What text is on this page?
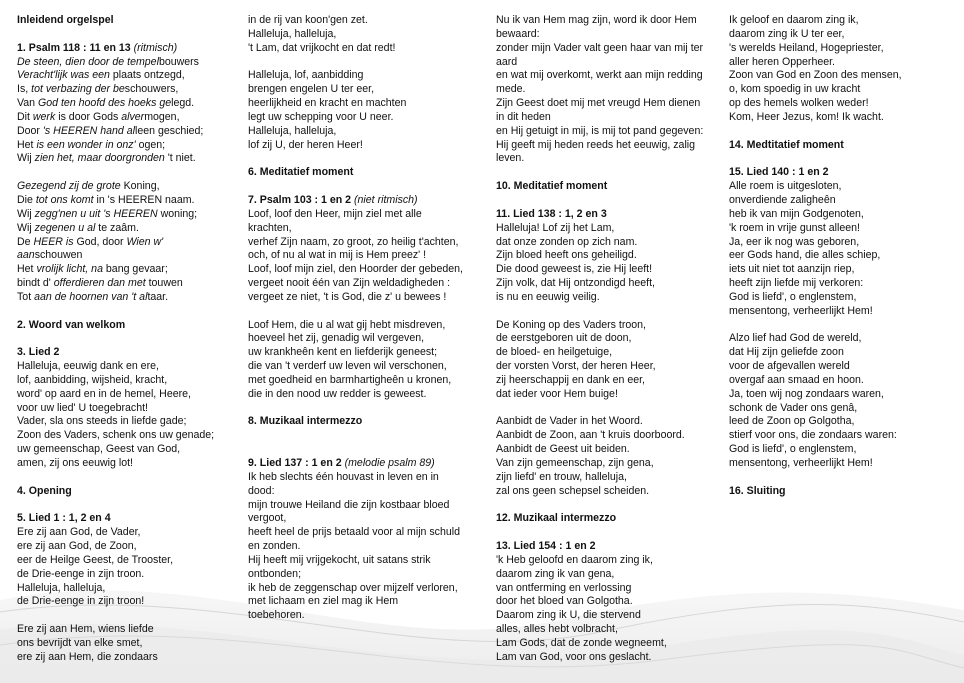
Inleidend orgelspel

1. Psalm 118 : 11 en 13 (ritmisch)

De steen, dien door de tempelbouwers

Veracht'lijk was een plaats ontzegd,

Is, tot verbazing der beschouwers,

Van God ten hoofd des hoeks gelegd.

Dit werk is door Gods alvermogen,

Door 's HEEREN hand alleen geschied;

Het is een wonder in onz' ogen;

Wij zien het, maar doorgronden 't niet.

Gezegend zij de grote Koning,

Die tot ons komt in 's HEEREN naam.

Wij zegg'nen u uit 's HEEREN woning;

Wij zegenen u al te zaâm.

De HEER is God, door Wien w'

aanschouwen

Het vrolijk licht, na bang gevaar;

bindt d' offerdieren dan met touwen

Tot aan de hoornen van 't altaar.

2. Woord van welkom

3. Lied 2

Halleluja, eeuwig dank en ere,

lof, aanbidding, wijsheid, kracht,

word' op aard en in de hemel, Heere,

voor uw lied' U toegebracht!

Vader, sla ons steeds in liefde gade;

Zoon des Vaders, schenk ons uw genade;

uw gemeenschap, Geest van God,

amen, zij ons eeuwig lot!

4. Opening

5. Lied 1 : 1, 2 en 4

Ere zij aan God, de Vader,

ere zij aan God, de Zoon,

eer de Heilge Geest, de Trooster,

de Drie-eenge in zijn troon.

Halleluja, halleluja,

de Drie-eenge in zijn troon!

Ere zij aan Hem, wiens liefde

ons bevrijdt van elke smet,

ere zij aan Hem, die zondaars

in de rij van koon'gen zet.

Halleluja, halleluja,

't Lam, dat vrijkocht en dat redt!

Halleluja, lof, aanbidding

brengen engelen U ter eer,

heerlijkheid en kracht en machten

legt uw schepping voor U neer.

Halleluja, halleluja,

lof zij U, der heren Heer!

6. Meditatief moment

7. Psalm 103 : 1 en 2 (niet ritmisch)

Loof, loof den Heer, mijn ziel met alle

krachten,

verhef Zijn naam, zo groot, zo heilig t'achten,

och, of nu al wat in mij is Hem preez' !

Loof, loof mijn ziel, den Hoorder der gebeden,

vergeet nooit één van Zijn weldadigheden :

vergeet ze niet, 't is God, die z' u bewees !

Loof Hem, die u al wat gij hebt misdreven,

hoeveel het zij, genadig wil vergeven,

uw krankheên kent en liefderijk geneest;

die van 't verderf uw leven wil verschonen,

met goedheid en barmhartigheên u kronen,

die in den nood uw redder is geweest.

8. Muzikaal intermezzo

9. Lied 137 : 1 en 2 (melodie psalm 89)

Ik heb slechts één houvast in leven en in

dood:

mijn trouwe Heiland die zijn kostbaar bloed

vergoot,

heeft heel de prijs betaald voor al mijn schuld

en zonden.

Hij heeft mij vrijgekocht, uit satans strik

ontbonden;

ik heb de zeggenschap over mijzelf verloren,

met lichaam en ziel mag ik Hem

toebehoren.

Nu ik van Hem mag zijn, word ik door Hem

bewaard:

zonder mijn Vader valt geen haar van mij ter

aard

en wat mij overkomt, werkt aan mijn redding

mede.

Zijn Geest doet mij met vreugd Hem dienen

in dit heden

en Hij getuigt in mij, is mij tot pand gegeven:

Hij geeft mij heden reeds het eeuwig, zalig

leven.

10. Meditatief moment

11. Lied 138 : 1, 2 en 3

Halleluja! Lof zij het Lam,

dat onze zonden op zich nam.

Zijn bloed heeft ons geheiligd.

Die dood geweest is, zie Hij leeft!

Zijn volk, dat Hij ontzondigd heeft,

is nu en eeuwig veilig.

De Koning op des Vaders troon,

de eerstgeboren uit de doon,

de bloed- en heilgetuige,

der vorsten Vorst, der heren Heer,

zij heerschappij en dank en eer,

dat ieder voor Hem buige!

Aanbidt de Vader in het Woord.

Aanbidt de Zoon, aan 't kruis doorboord.

Aanbidt de Geest uit beiden.

Van zijn gemeenschap, zijn gena,

zijn liefd' en trouw, halleluja,

zal ons geen schepsel scheiden.

12. Muzikaal intermezzo

13. Lied 154 : 1 en 2

'k Heb geloofd en daarom zing ik,

daarom zing ik van gena,

van ontferming en verlossing

door het bloed van Golgotha.

Daarom zing ik U, die stervend

alles, alles hebt volbracht,

Lam Gods, dat de zonde wegneemt,

Lam van God, voor ons geslacht.

Ik geloof en daarom zing ik,

daarom zing ik U ter eer,

's werelds Heiland, Hogepriester,

aller heren Opperheer.

Zoon van God en Zoon des mensen,

o, kom spoedig in uw kracht

op des hemels wolken weder!

Kom, Heer Jezus, kom! Ik wacht.

14. Medtitatief moment

15. Lied 140 : 1 en 2

Alle roem is uitgesloten,

onverdiende zaligheên

heb ik van mijn Godgenoten,

'k roem in vrije gunst alleen!

Ja, eer ik nog was geboren,

eer Gods hand, die alles schiep,

iets uit niet tot aanzijn riep,

heeft zijn liefde mij verkoren:

God is liefd', o englenstem,

mensentong, verheerlijkt Hem!

Alzo lief had God de wereld,

dat Hij zijn geliefde zoon

voor de afgevallen wereld

overgaf aan smaad en hoon.

Ja, toen wij nog zondaars waren,

schonk de Vader ons genâ,

leed de Zoon op Golgotha,

stierf voor ons, die zondaars waren:

God is liefd', o englenstem,

mensentong, verheerlijkt Hem!

16. Sluiting
